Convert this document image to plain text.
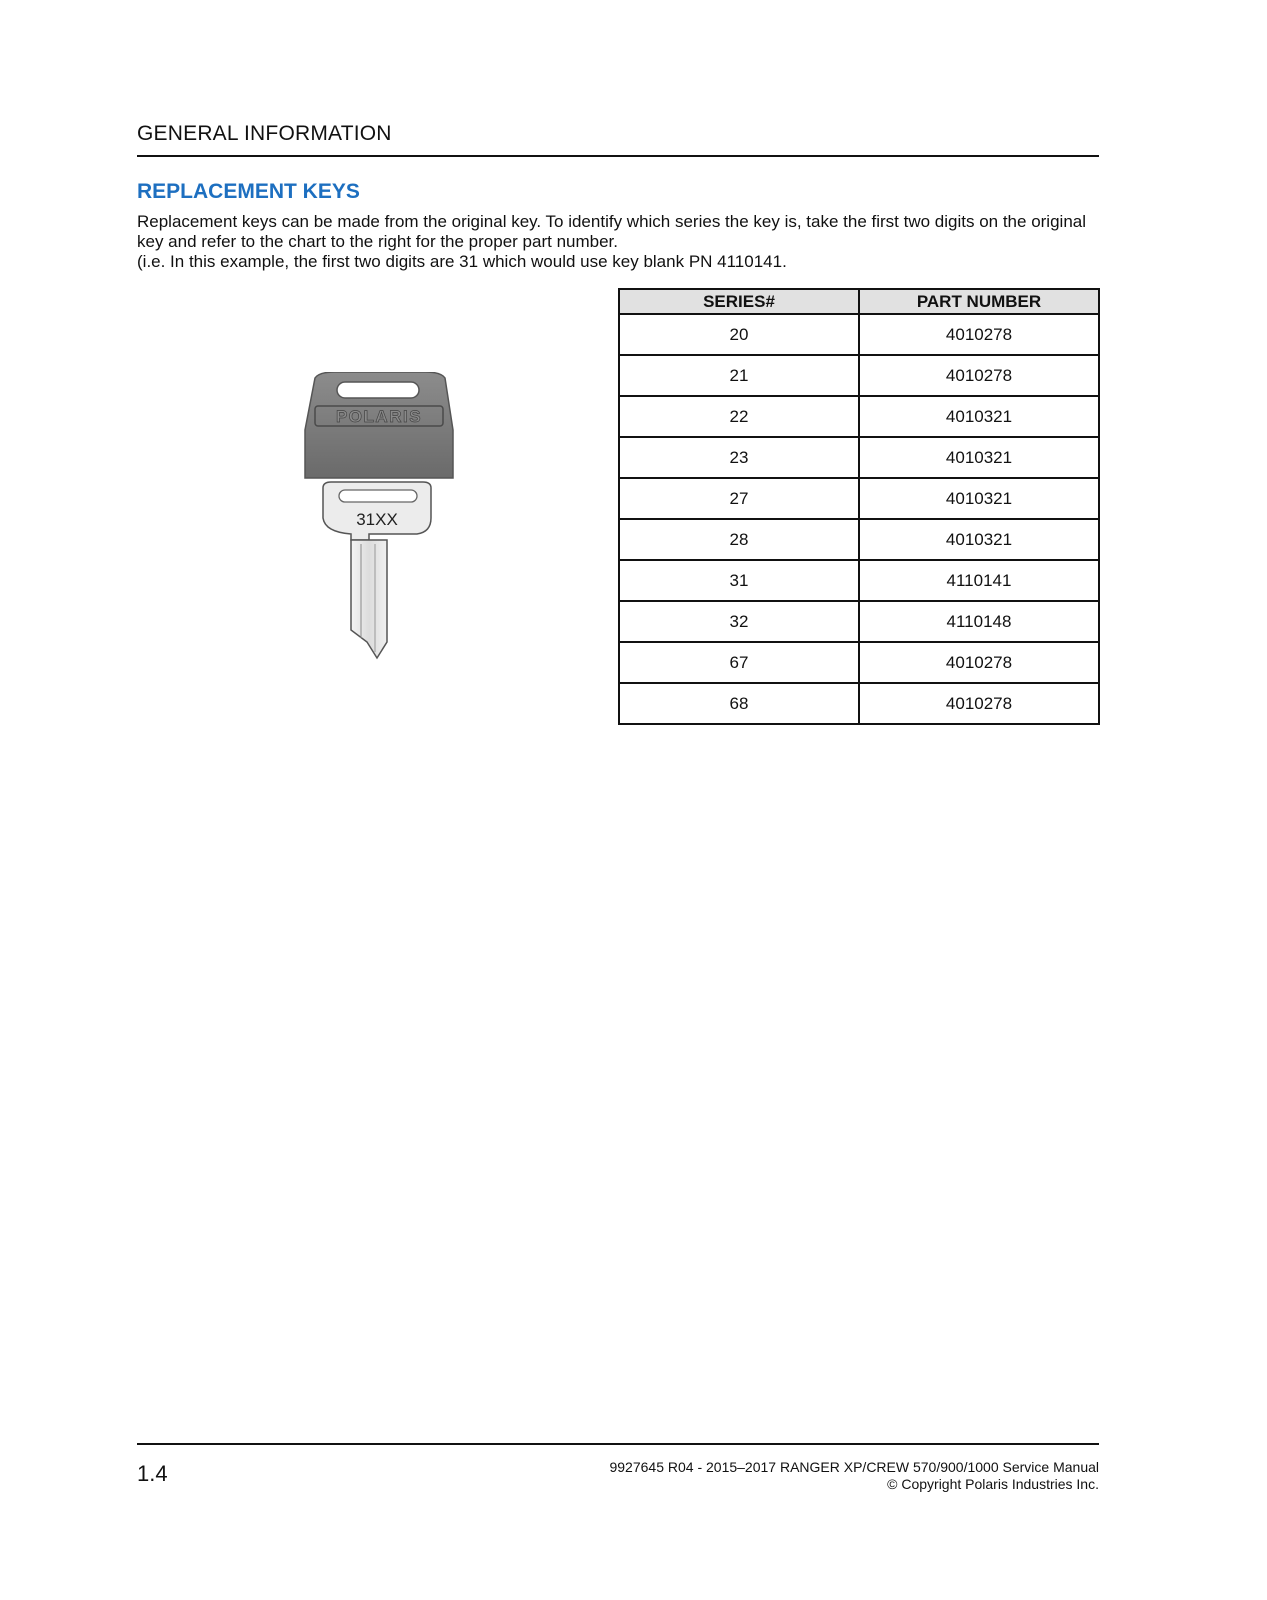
GENERAL INFORMATION
REPLACEMENT KEYS

Replacement keys can be made from the original key. To identify which series the key is, take the first two digits on the original key and refer to the chart to the right for the proper part number.

(i.e. In this example, the first two digits are 31 which would use key blank PN 4110141.

POLARIS
31XX
SERIES#	PART NUMBER
20	4010278
21	4010278
22	4010321
23	4010321
27	4010321
28	4010321
31	4110141
32	4110148
67	4010278
68	4010278
1.4	9927645 R04 - 2015–2017 RANGER XP/CREW 570/900/1000 Service Manual
© Copyright Polaris Industries Inc.
